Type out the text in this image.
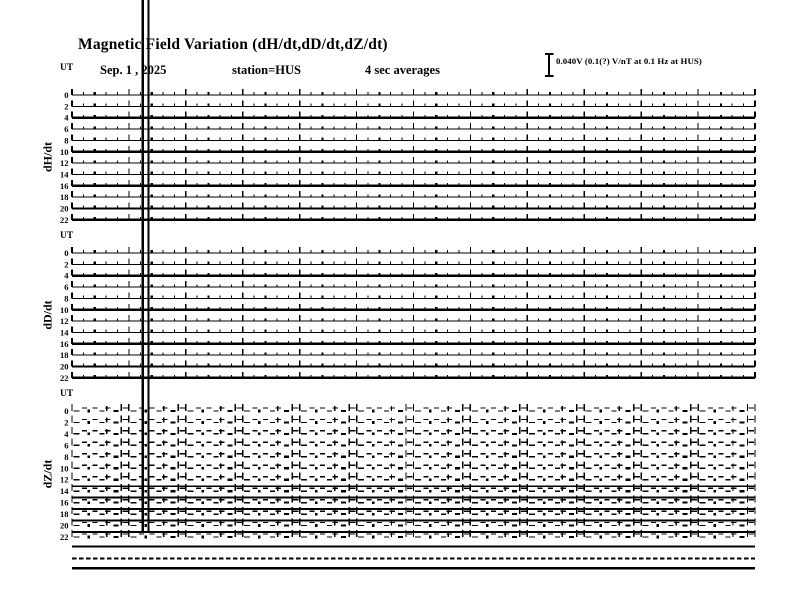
Magnetic Field Variation (dH/dt,dD/dt,dZ/dt)
UT Sep. 1 , 2025	station=HUS	4 sec averages
0.040V (0.1(?) V/nT at 0.1 Hz at HUS)
UT
UT
dH/dt
dD/dt
dZ/dt
0
2
4
6
8
10
12
14
16
18
20
22
0
2
4
6
8
10
12
14
16
18
20
22
0
2
4
6
8
10
12
14
16
18
20
22
